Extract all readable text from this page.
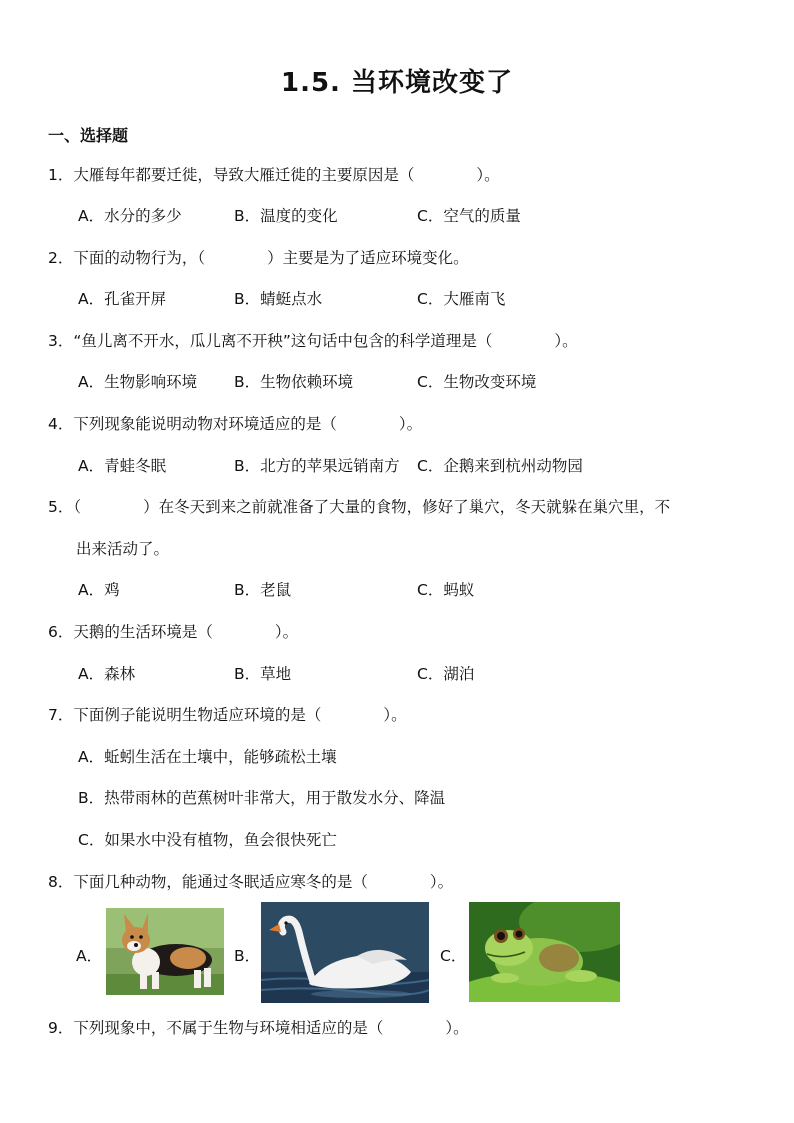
1.5. 当环境改变了
一、选择题
1．大雁每年都要迁徙，导致大雁迁徙的主要原因是（　　　　）。
A．水分的多少	B．温度的变化	C．空气的质量
2．下面的动物行为，（　　　　）主要是为了适应环境变化。
A．孔雀开屏	B．蜻蜓点水	C．大雁南飞
3．“鱼儿离不开水，瓜儿离不开秧”这句话中包含的科学道理是（　　　　）。
A．生物影响环境 B．生物依赖环境	C．生物改变环境
4．下列现象能说明动物对环境适应的是（　　　　）。
A．青蛙冬眠	B．北方的苹果远销南方 C．企鹅来到杭州动物园
5．（　　　　）在冬天到来之前就准备了大量的食物，修好了巢穴，冬天就躲在巢穴里，不
出来活动了。
A．鸡	B．老鼠	C．蚂蚁
6．天鹅的生活环境是（　　　　）。
A．森林	B．草地	C．湖泊
7．下面例子能说明生物适应环境的是（　　　　）。
A．蚯蚓生活在土壤中，能够疏松土壤
B．热带雨林的芭蕉树叶非常大，用于散发水分、降温
C．如果水中没有植物，鱼会很快死亡
8．下面几种动物，能通过冬眠适应寒冬的是（　　　　）。
A．	B．	C．
9．下列现象中，不属于生物与环境相适应的是（　　　　）。
